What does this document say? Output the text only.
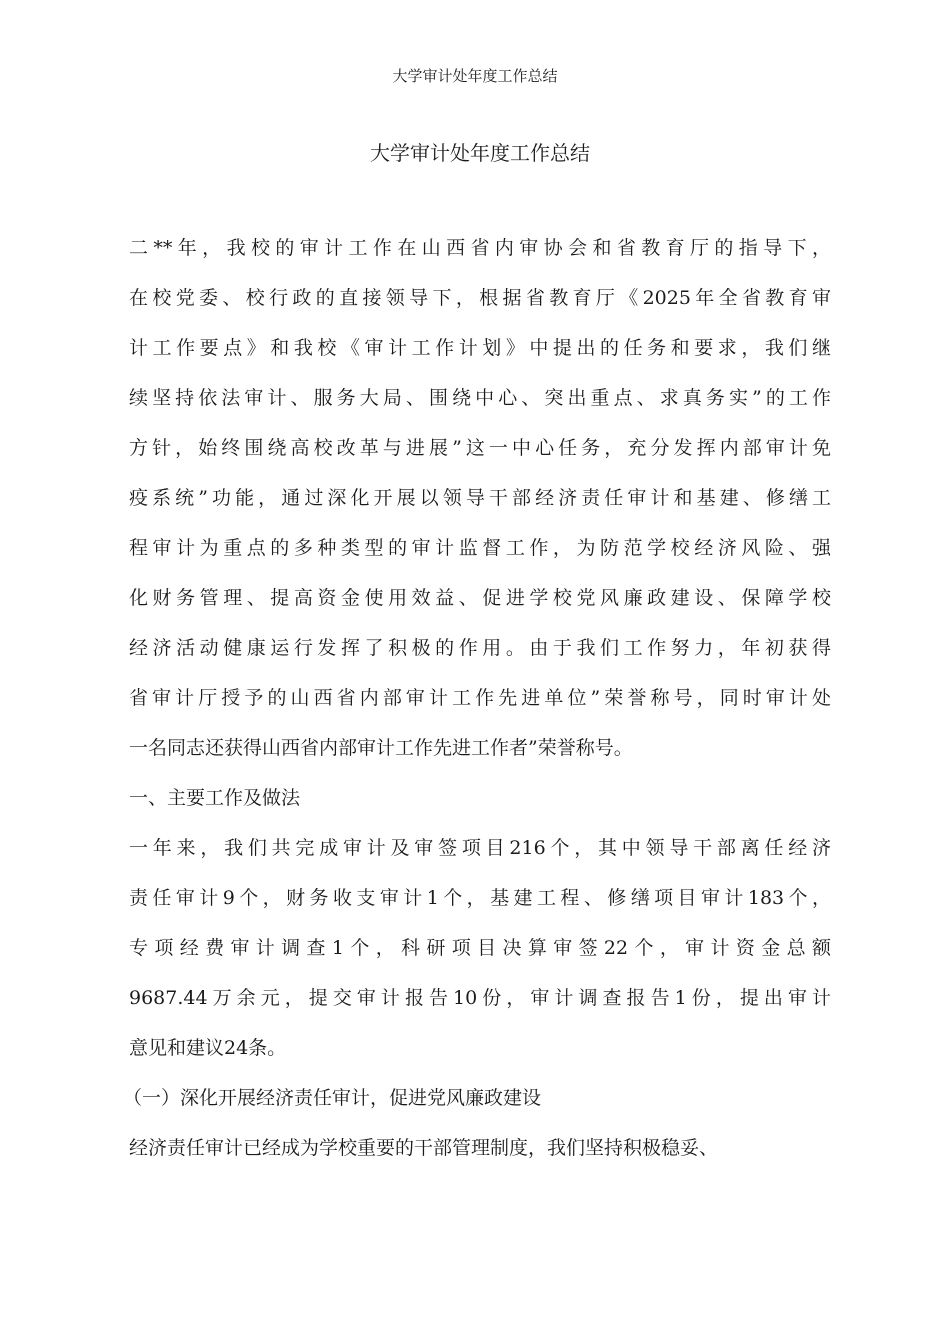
大学审计处年度工作总结
大学审计处年度工作总结
二**年，我校的审计工作在山西省内审协会和省教育厅的指导下，
在校党委、校行政的直接领导下，根据省教育厅《2025年全省教育审
计工作要点》和我校《审计工作计划》中提出的任务和要求，我们继
续坚持依法审计、服务大局、围绕中心、突出重点、求真务实”的工作
方针，始终围绕高校改革与进展”这一中心任务，充分发挥内部审计免
疫系统”功能，通过深化开展以领导干部经济责任审计和基建、修缮工
程审计为重点的多种类型的审计监督工作，为防范学校经济风险、强
化财务管理、提高资金使用效益、促进学校党风廉政建设、保障学校
经济活动健康运行发挥了积极的作用。由于我们工作努力，年初获得
省审计厅授予的山西省内部审计工作先进单位”荣誉称号，同时审计处
一名同志还获得山西省内部审计工作先进工作者”荣誉称号。
一、主要工作及做法
一年来，我们共完成审计及审签项目216个，其中领导干部离任经济
责任审计9个，财务收支审计1个，基建工程、修缮项目审计183个，
专项经费审计调查1个，科研项目决算审签22个，审计资金总额
9687.44万余元，提交审计报告10份，审计调查报告1份，提出审计
意见和建议24条。
（一）深化开展经济责任审计，促进党风廉政建设
经济责任审计已经成为学校重要的干部管理制度，我们坚持积极稳妥、
